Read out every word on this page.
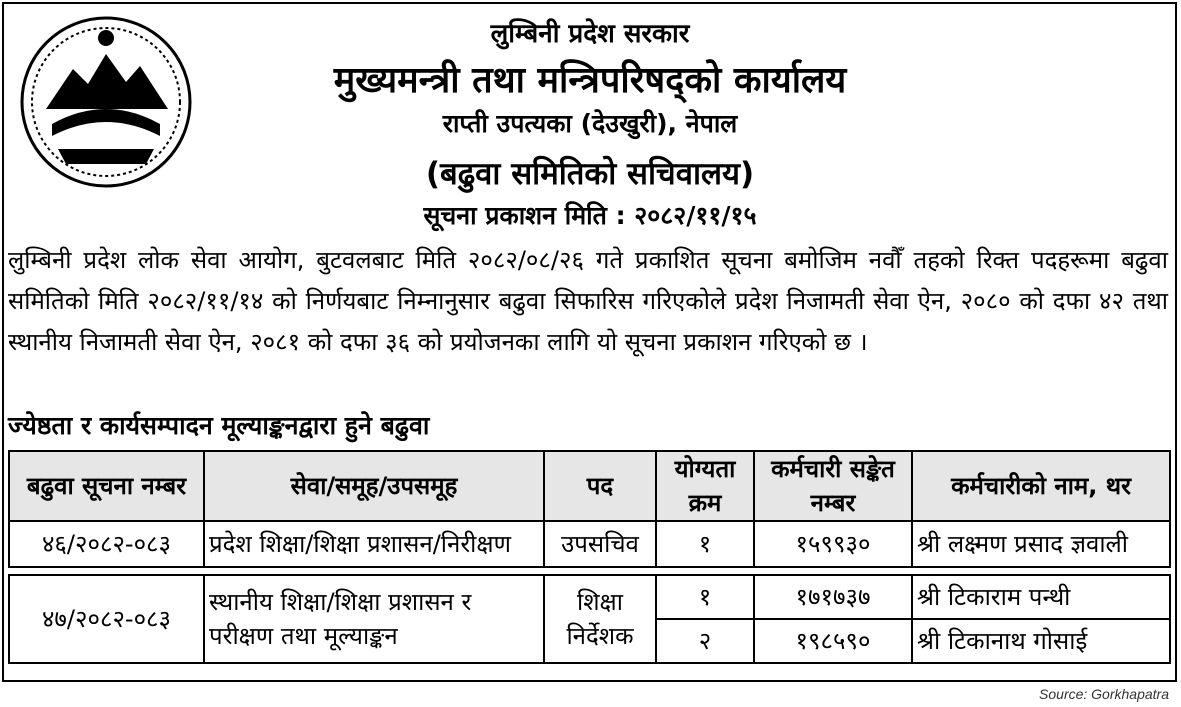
लुम्बिनी प्रदेश सरकार
मुख्यमन्त्री तथा मन्त्रिपरिषद्को कार्यालय
राप्ती उपत्यका (देउखुरी), नेपाल
(बढुवा समितिको सचिवालय)
सूचना प्रकाशन मिति : २०८२/११/१५
लुम्बिनी प्रदेश लोक सेवा आयोग, बुटवलबाट मिति २०८२/०८/२६ गते प्रकाशित सूचना बमोजिम नवौँ तहको रिक्त पदहरूमा बढुवा समितिको मिति २०८२/११/१४ को निर्णयबाट निम्नानुसार बढुवा सिफारिस गरिएकोले प्रदेश निजामती सेवा ऐन, २०८० को दफा ४२ तथा स्थानीय निजामती सेवा ऐन, २०८१ को दफा ३६ को प्रयोजनका लागि यो सूचना प्रकाशन गरिएको छ ।
ज्येष्ठता र कार्यसम्पादन मूल्याङ्कनद्वारा हुने बढुवा
बढुवा सूचना नम्बर	सेवा/समूह/उपसमूह	पद	योग्यता क्रम	कर्मचारी सङ्केत नम्बर	कर्मचारीको नाम, थर
४६/२०८२-०८३	प्रदेश शिक्षा/शिक्षा प्रशासन/निरीक्षण	उपसचिव	१	१५९९३०	श्री लक्ष्मण प्रसाद ज्ञवाली

४७/२०८२-०८३	स्थानीय शिक्षा/शिक्षा प्रशासन र परीक्षण तथा मूल्याङ्कन	शिक्षा निर्देशक	१	१७१७३७	श्री टिकाराम पन्थी
			२	१९८५९०	श्री टिकानाथ गोसाई
Source: Gorkhapatra
